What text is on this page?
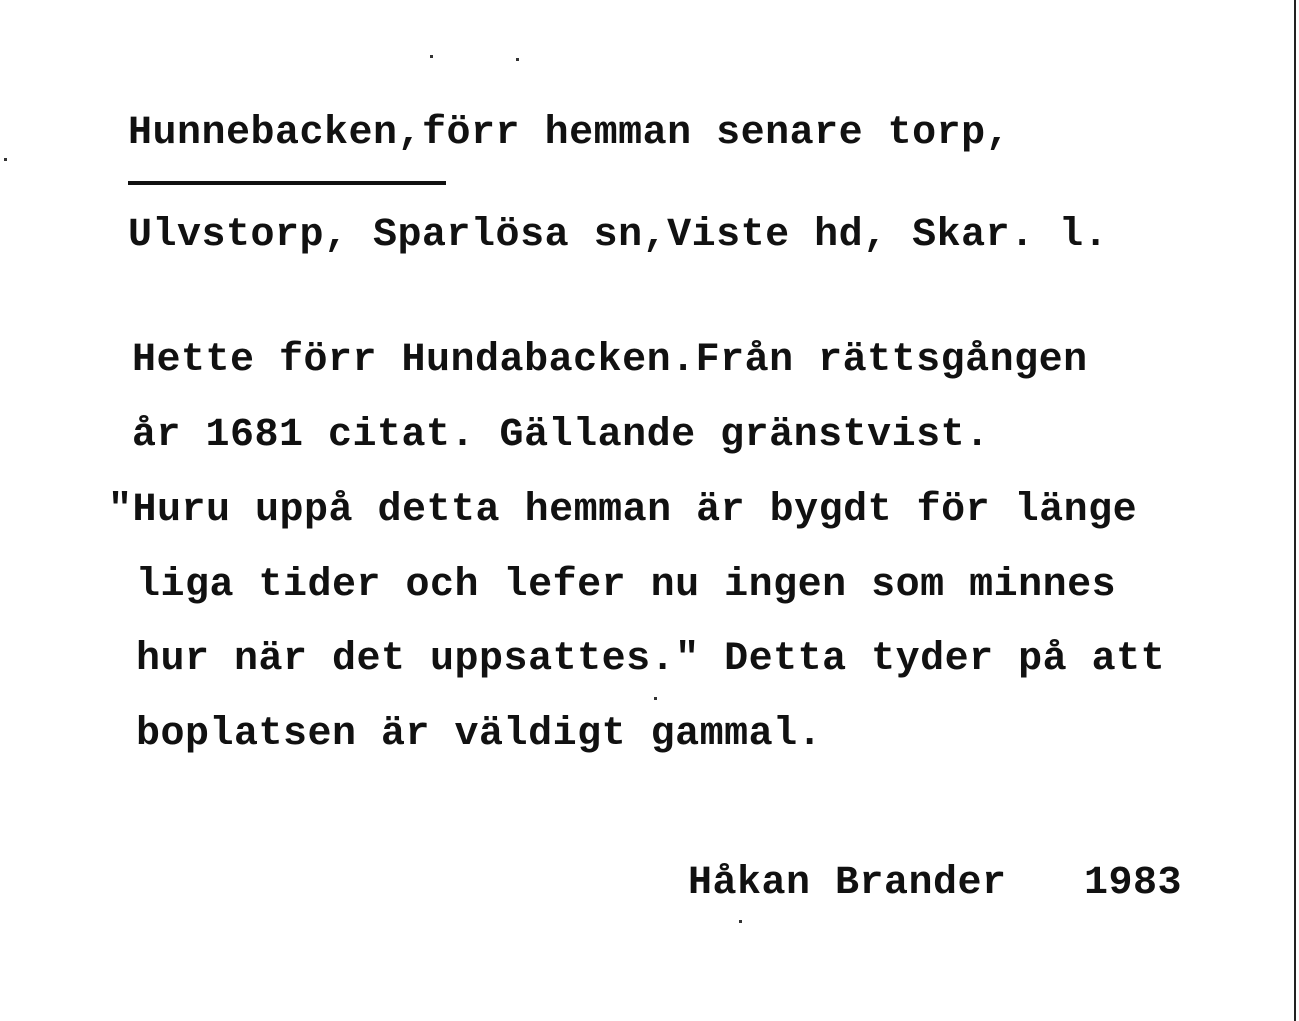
Hunnebacken,förr hemman senare torp,
Ulvstorp, Sparlösa sn,Viste hd, Skar. l.
Hette förr Hundabacken.Från rättsgången
år 1681 citat. Gällande gränstvist.
"Huru uppå detta hemman är bygdt för länge
liga tider och lefer nu ingen som minnes
hur när det uppsattes." Detta tyder på att
boplatsen är väldigt gammal.
Håkan Brander 1983
